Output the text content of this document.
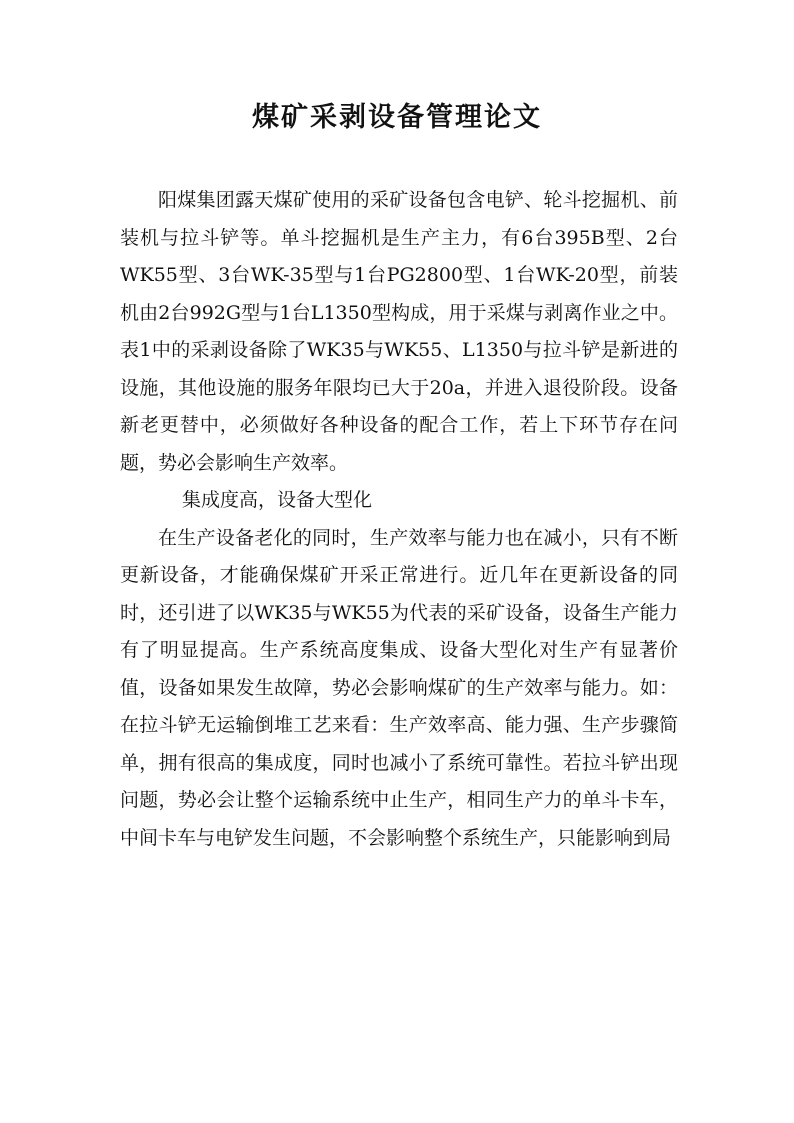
煤矿采剥设备管理论文

阳煤集团露天煤矿使用的采矿设备包含电铲、轮斗挖掘机、前装机与拉斗铲等。单斗挖掘机是生产主力，有6台395B型、2台WK55型、3台WK-35型与1台PG2800型、1台WK-20型，前装机由2台992G型与1台L1350型构成，用于采煤与剥离作业之中。表1中的采剥设备除了WK35与WK55、L1350与拉斗铲是新进的设施，其他设施的服务年限均已大于20a，并进入退役阶段。设备新老更替中，必须做好各种设备的配合工作，若上下环节存在问题，势必会影响生产效率。

集成度高，设备大型化

在生产设备老化的同时，生产效率与能力也在减小，只有不断更新设备，才能确保煤矿开采正常进行。近几年在更新设备的同时，还引进了以WK35与WK55为代表的采矿设备，设备生产能力有了明显提高。生产系统高度集成、设备大型化对生产有显著价值，设备如果发生故障，势必会影响煤矿的生产效率与能力。如：在拉斗铲无运输倒堆工艺来看：生产效率高、能力强、生产步骤简单，拥有很高的集成度，同时也减小了系统可靠性。若拉斗铲出现问题，势必会让整个运输系统中止生产，相同生产力的单斗卡车，中间卡车与电铲发生问题，不会影响整个系统生产，只能影响到局
